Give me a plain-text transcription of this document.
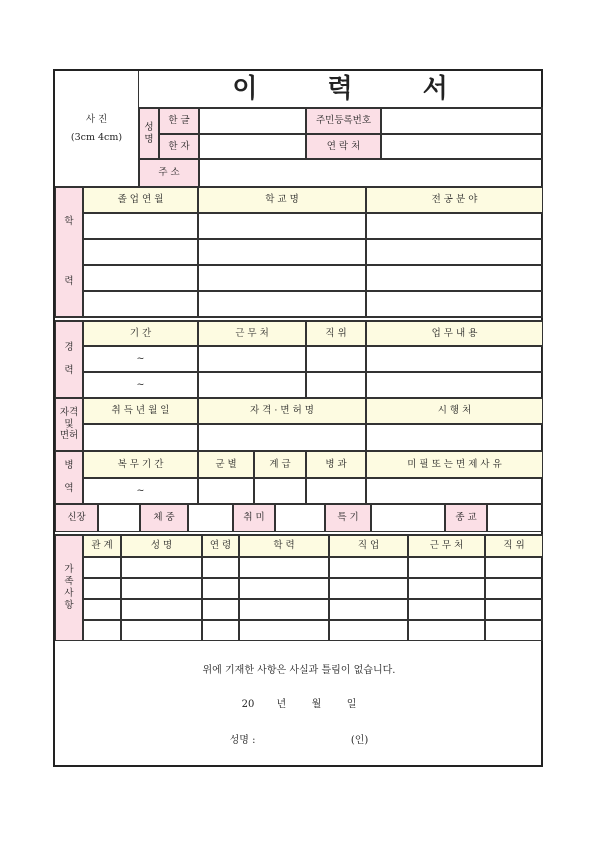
사 진
(3cm 4cm)
이	력	서
성
명
한 글	주민등록번호
한 자	연 락 처
주 소
학

력
졸 업 연 월	학 교 명	전 공 분 야
경

력
기 간	근 무 처	직 위	업 무 내 용
~
~
자격
및
면허
취 득 년 월 일	자 격 · 면 허 명	시 행 처
병

역
복 무 기 간	군 별	계 급	병 과	미 필 또 는 면 제 사 유
~
신장	체 중	취 미	특 기	종 교
가
족
사
항
관 계	성 명	연 령	학 력	직 업	근 무 처	직 위
위에 기재한 사항은 사실과 틀림이 없습니다.
20       년        월        일
성명 :                              (인)
